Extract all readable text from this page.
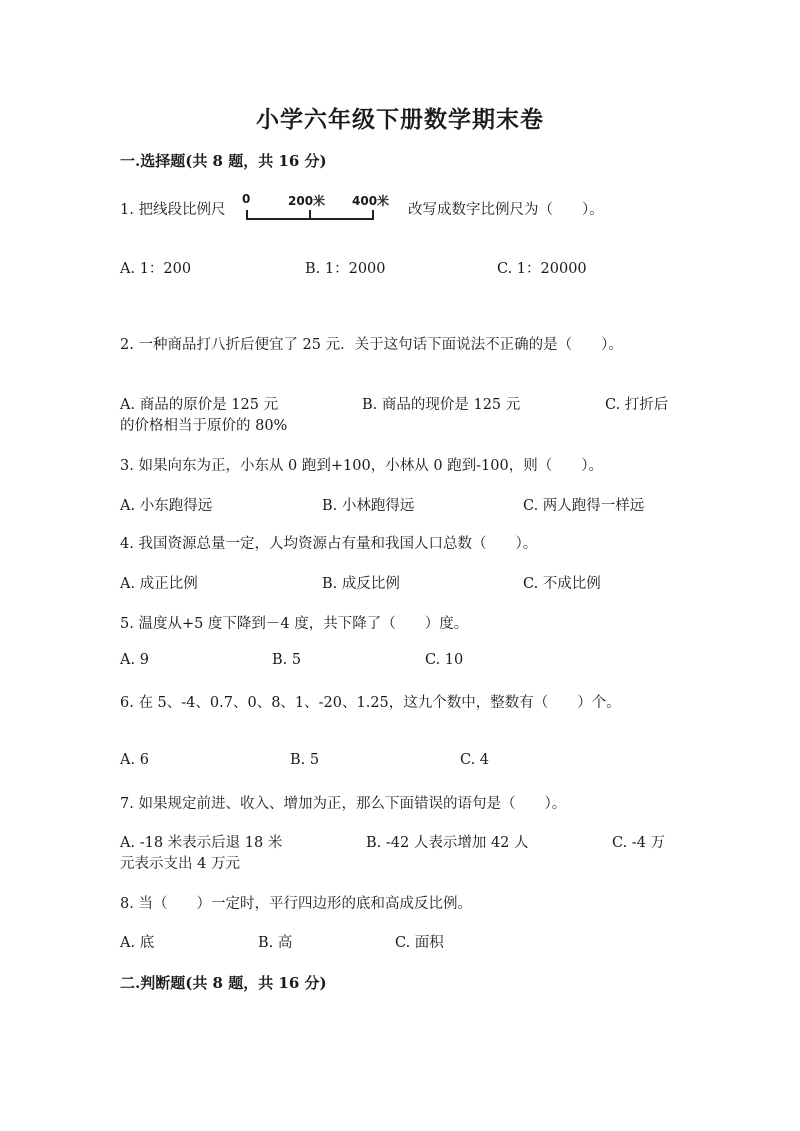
小学六年级下册数学期末卷
一.选择题(共 8 题，共 16 分)
1. 把线段比例尺
0	200米 400米
改写成数字比例尺为（　　）。
A. 1：200	B. 1：2000	C. 1：20000
2. 一种商品打八折后便宜了 25 元．关于这句话下面说法不正确的是（　　）。
A. 商品的原价是 125 元	B. 商品的现价是 125 元	C. 打折后
的价格相当于原价的 80%
3. 如果向东为正，小东从 0 跑到+100，小林从 0 跑到-100，则（　　）。
A. 小东跑得远	B. 小林跑得远	C. 两人跑得一样远
4. 我国资源总量一定，人均资源占有量和我国人口总数（　　）。
A. 成正比例	B. 成反比例	C. 不成比例
5. 温度从+5 度下降到－4 度，共下降了（　　）度。
A. 9	B. 5	C. 10
6. 在 5、-4、0.7、0、8、1、-20、1.25，这九个数中，整数有（　　）个。
A. 6	B. 5	C. 4
7. 如果规定前进、收入、增加为正，那么下面错误的语句是（　　）。
A. -18 米表示后退 18 米	B. -42 人表示增加 42 人	C. -4 万
元表示支出 4 万元
8. 当（　　）一定时，平行四边形的底和高成反比例。
A. 底	B. 高	C. 面积
二.判断题(共 8 题，共 16 分)
